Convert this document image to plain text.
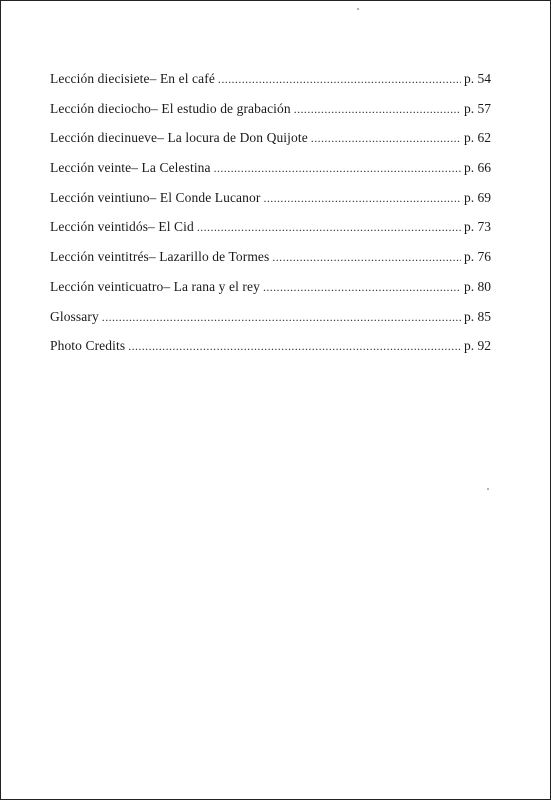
Lección diecisiete– En el café .....	p. 54
Lección dieciocho– El estudio de grabación .....	p. 57
Lección diecinueve– La locura de Don Quijote .....	p. 62
Lección veinte– La Celestina .....	p. 66
Lección veintiuno– El Conde Lucanor .....	p. 69
Lección veintidós– El Cid .....	p. 73
Lección veintitrés– Lazarillo de Tormes .....	p. 76
Lección veinticuatro– La rana y el rey .....	p. 80
Glossary .....	p. 85
Photo Credits .....	p. 92
